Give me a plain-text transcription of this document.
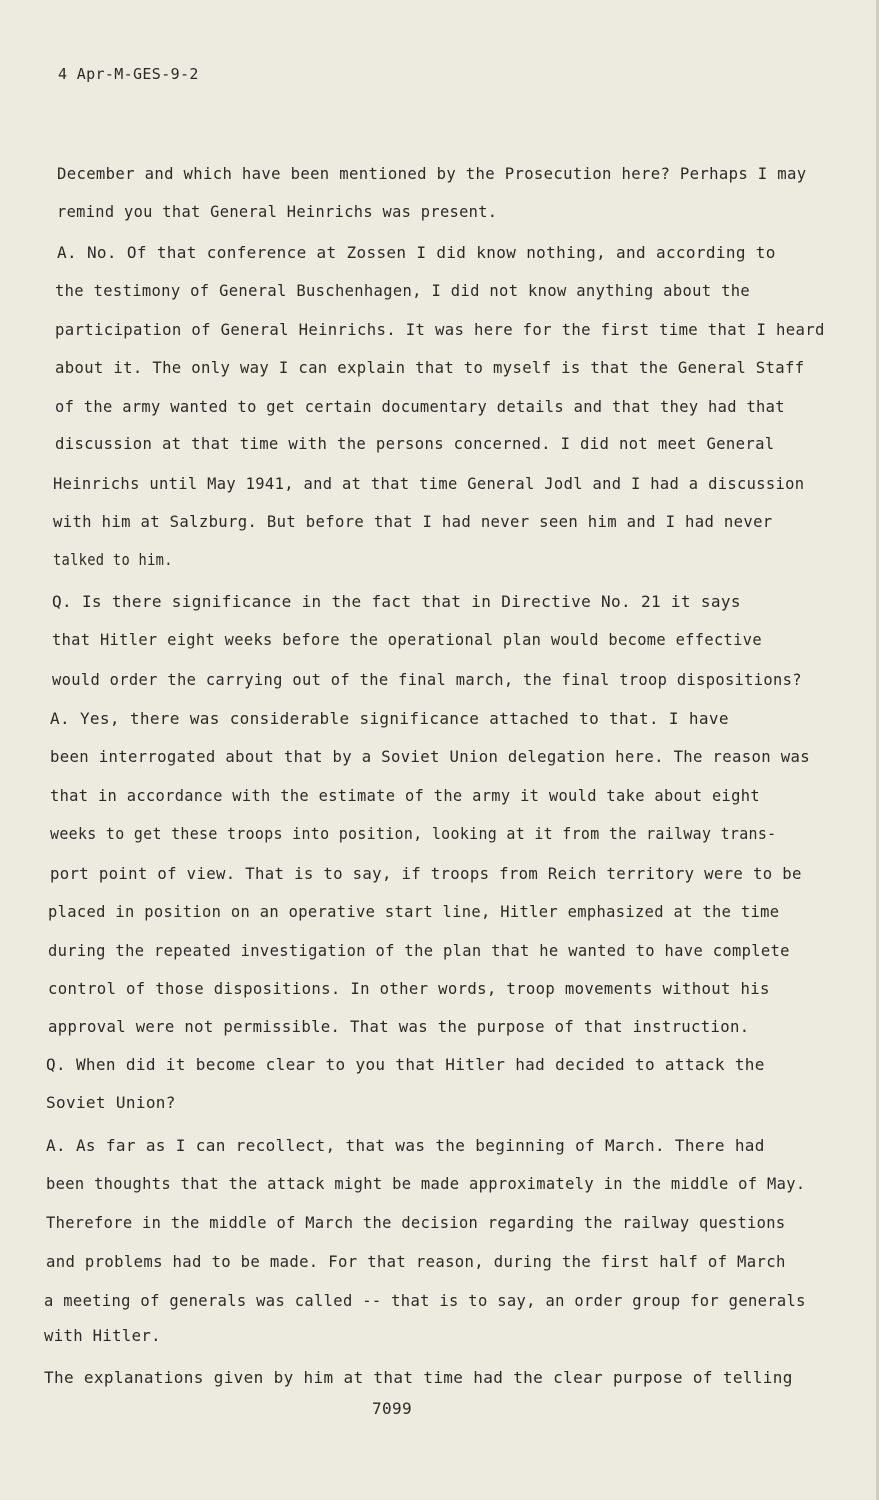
4 Apr-M-GES-9-2
December and which have been mentioned by the Prosecution here? Perhaps I may
remind you that General Heinrichs was present.
A. No. Of that conference at Zossen I did know nothing, and according to
the testimony of General Buschenhagen, I did not know anything about the
participation of General Heinrichs. It was here for the first time that I heard
about it. The only way I can explain that to myself is that the General Staff
of the army wanted to get certain documentary details and that they had that
discussion at that time with the persons concerned. I did not meet General
Heinrichs until May 1941, and at that time General Jodl and I had a discussion
with him at Salzburg. But before that I had never seen him and I had never
talked to him.
Q. Is there significance in the fact that in Directive No. 21 it says
that Hitler eight weeks before the operational plan would become effective
would order the carrying out of the final march, the final troop dispositions?
A. Yes, there was considerable significance attached to that. I have
been interrogated about that by a Soviet Union delegation here. The reason was
that in accordance with the estimate of the army it would take about eight
weeks to get these troops into position, looking at it from the railway trans-
port point of view. That is to say, if troops from Reich territory were to be
placed in position on an operative start line, Hitler emphasized at the time
during the repeated investigation of the plan that he wanted to have complete
control of those dispositions. In other words, troop movements without his
approval were not permissible. That was the purpose of that instruction.
Q. When did it become clear to you that Hitler had decided to attack the
Soviet Union?
A. As far as I can recollect, that was the beginning of March. There had
been thoughts that the attack might be made approximately in the middle of May.
Therefore in the middle of March the decision regarding the railway questions
and problems had to be made. For that reason, during the first half of March
a meeting of generals was called -- that is to say, an order group for generals
with Hitler.
The explanations given by him at that time had the clear purpose of telling
7099
